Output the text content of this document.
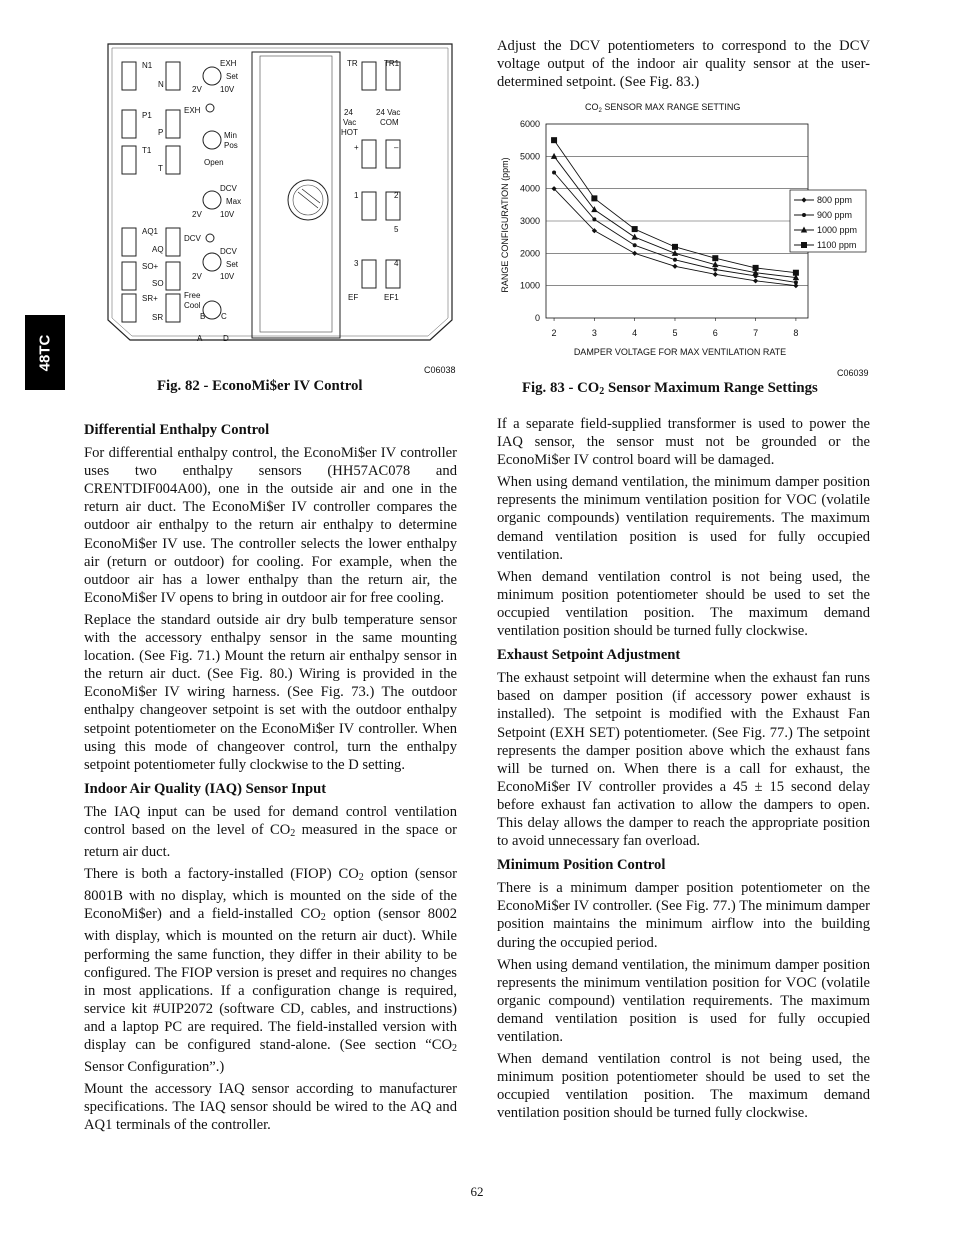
48TC
N1
N
P1
P
T1
T
AQ1
AQ
SO+
SO
SR+
SR
EXH
Set
2V 10V
EXH
Min
Pos
Open
DCV
Max
2V 10V
DCV
DCV
Set
2V 10V
Free
Cool
B C
A	D
TR	TR1
24
Vac
HOT
24 Vac
COM
+	–
1	2
5
3	4
EF	EF1
C06038
Fig. 82 - EconoMi$er IV Control
$CO_2$ SENSOR MAX RANGE SETTING
0
1000
2000
3000
4000
5000
6000
2	3	4	5	6	7	8
RANGE CONFIGURATION (ppm)
DAMPER VOLTAGE FOR MAX VENTILATION RATE
800 ppm
900 ppm
1000 ppm
1100 ppm
C06039
Fig. $83 - CO_2$ Sensor Maximum Range Settings

Adjust the DCV potentiometers to correspond to the DCV voltage output of the indoor air quality sensor at the user-determined setpoint. (See Fig. 83.)

Differential Enthalpy Control

For differential enthalpy control, the EconoMi$er IV controller uses two enthalpy sensors (HH57AC078 and CRENTDIF004A00), one in the outside air and one in the return air duct. The EconoMi$er IV controller compares the outdoor air enthalpy to the return air enthalpy to determine EconoMi$er IV use. The controller selects the lower enthalpy air (return or outdoor) for cooling. For example, when the outdoor air has a lower enthalpy than the return air, the EconoMi$er IV opens to bring in outdoor air for free cooling.

Replace the standard outside air dry bulb temperature sensor with the accessory enthalpy sensor in the same mounting location. (See Fig. 71.) Mount the return air enthalpy sensor in the return air duct. (See Fig. 80.) Wiring is provided in the EconoMi$er IV wiring harness. (See Fig. 73.) The outdoor enthalpy changeover setpoint is set with the outdoor enthalpy setpoint potentiometer on the EconoMi$er IV controller. When using this mode of changeover control, turn the enthalpy setpoint potentiometer fully clockwise to the D setting.

Indoor Air Quality (IAQ) Sensor Input

The IAQ input can be used for demand control ventilation control based on the level of $CO_2$ measured in the space or return air duct.

There is both a factory-installed (FIOP) $CO_2$ option (sensor 8001B with no display, which is mounted on the side of the EconoMi$er) and a field-installed $CO_2$ option (sensor 8002 with display, which is mounted on the return air duct). While performing the same function, they differ in their ability to be configured. The FIOP version is preset and requires no changes in most applications. If a configuration change is required, service kit #UIP2072 (software CD, cables, and instructions) and a laptop PC are required. The field-installed version with display can be configured stand-alone. (See section “$CO_2$ Sensor Configuration”.)

Mount the accessory IAQ sensor according to manufacturer specifications. The IAQ sensor should be wired to the AQ and AQ1 terminals of the controller.

If a separate field-supplied transformer is used to power the IAQ sensor, the sensor must not be grounded or the EconoMi$er IV control board will be damaged.

When using demand ventilation, the minimum damper position represents the minimum ventilation position for VOC (volatile organic compounds) ventilation requirements. The maximum demand ventilation position is used for fully occupied ventilation.

When demand ventilation control is not being used, the minimum position potentiometer should be used to set the occupied ventilation position. The maximum demand ventilation position should be turned fully clockwise.

Exhaust Setpoint Adjustment

The exhaust setpoint will determine when the exhaust fan runs based on damper position (if accessory power exhaust is installed). The setpoint is modified with the Exhaust Fan Setpoint (EXH SET) potentiometer. (See Fig. 77.) The setpoint represents the damper position above which the exhaust fans will be turned on. When there is a call for exhaust, the EconoMi$er IV controller provides a 45 ± 15 second delay before exhaust fan activation to allow the dampers to open. This delay allows the damper to reach the appropriate position to avoid unnecessary fan overload.

Minimum Position Control

There is a minimum damper position potentiometer on the EconoMi$er IV controller. (See Fig. 77.) The minimum damper position maintains the minimum airflow into the building during the occupied period.

When using demand ventilation, the minimum damper position represents the minimum ventilation position for VOC (volatile organic compound) ventilation requirements. The maximum demand ventilation position is used for fully occupied ventilation.

When demand ventilation control is not being used, the minimum position potentiometer should be used to set the occupied ventilation position. The maximum demand ventilation position should be turned fully clockwise.

62
